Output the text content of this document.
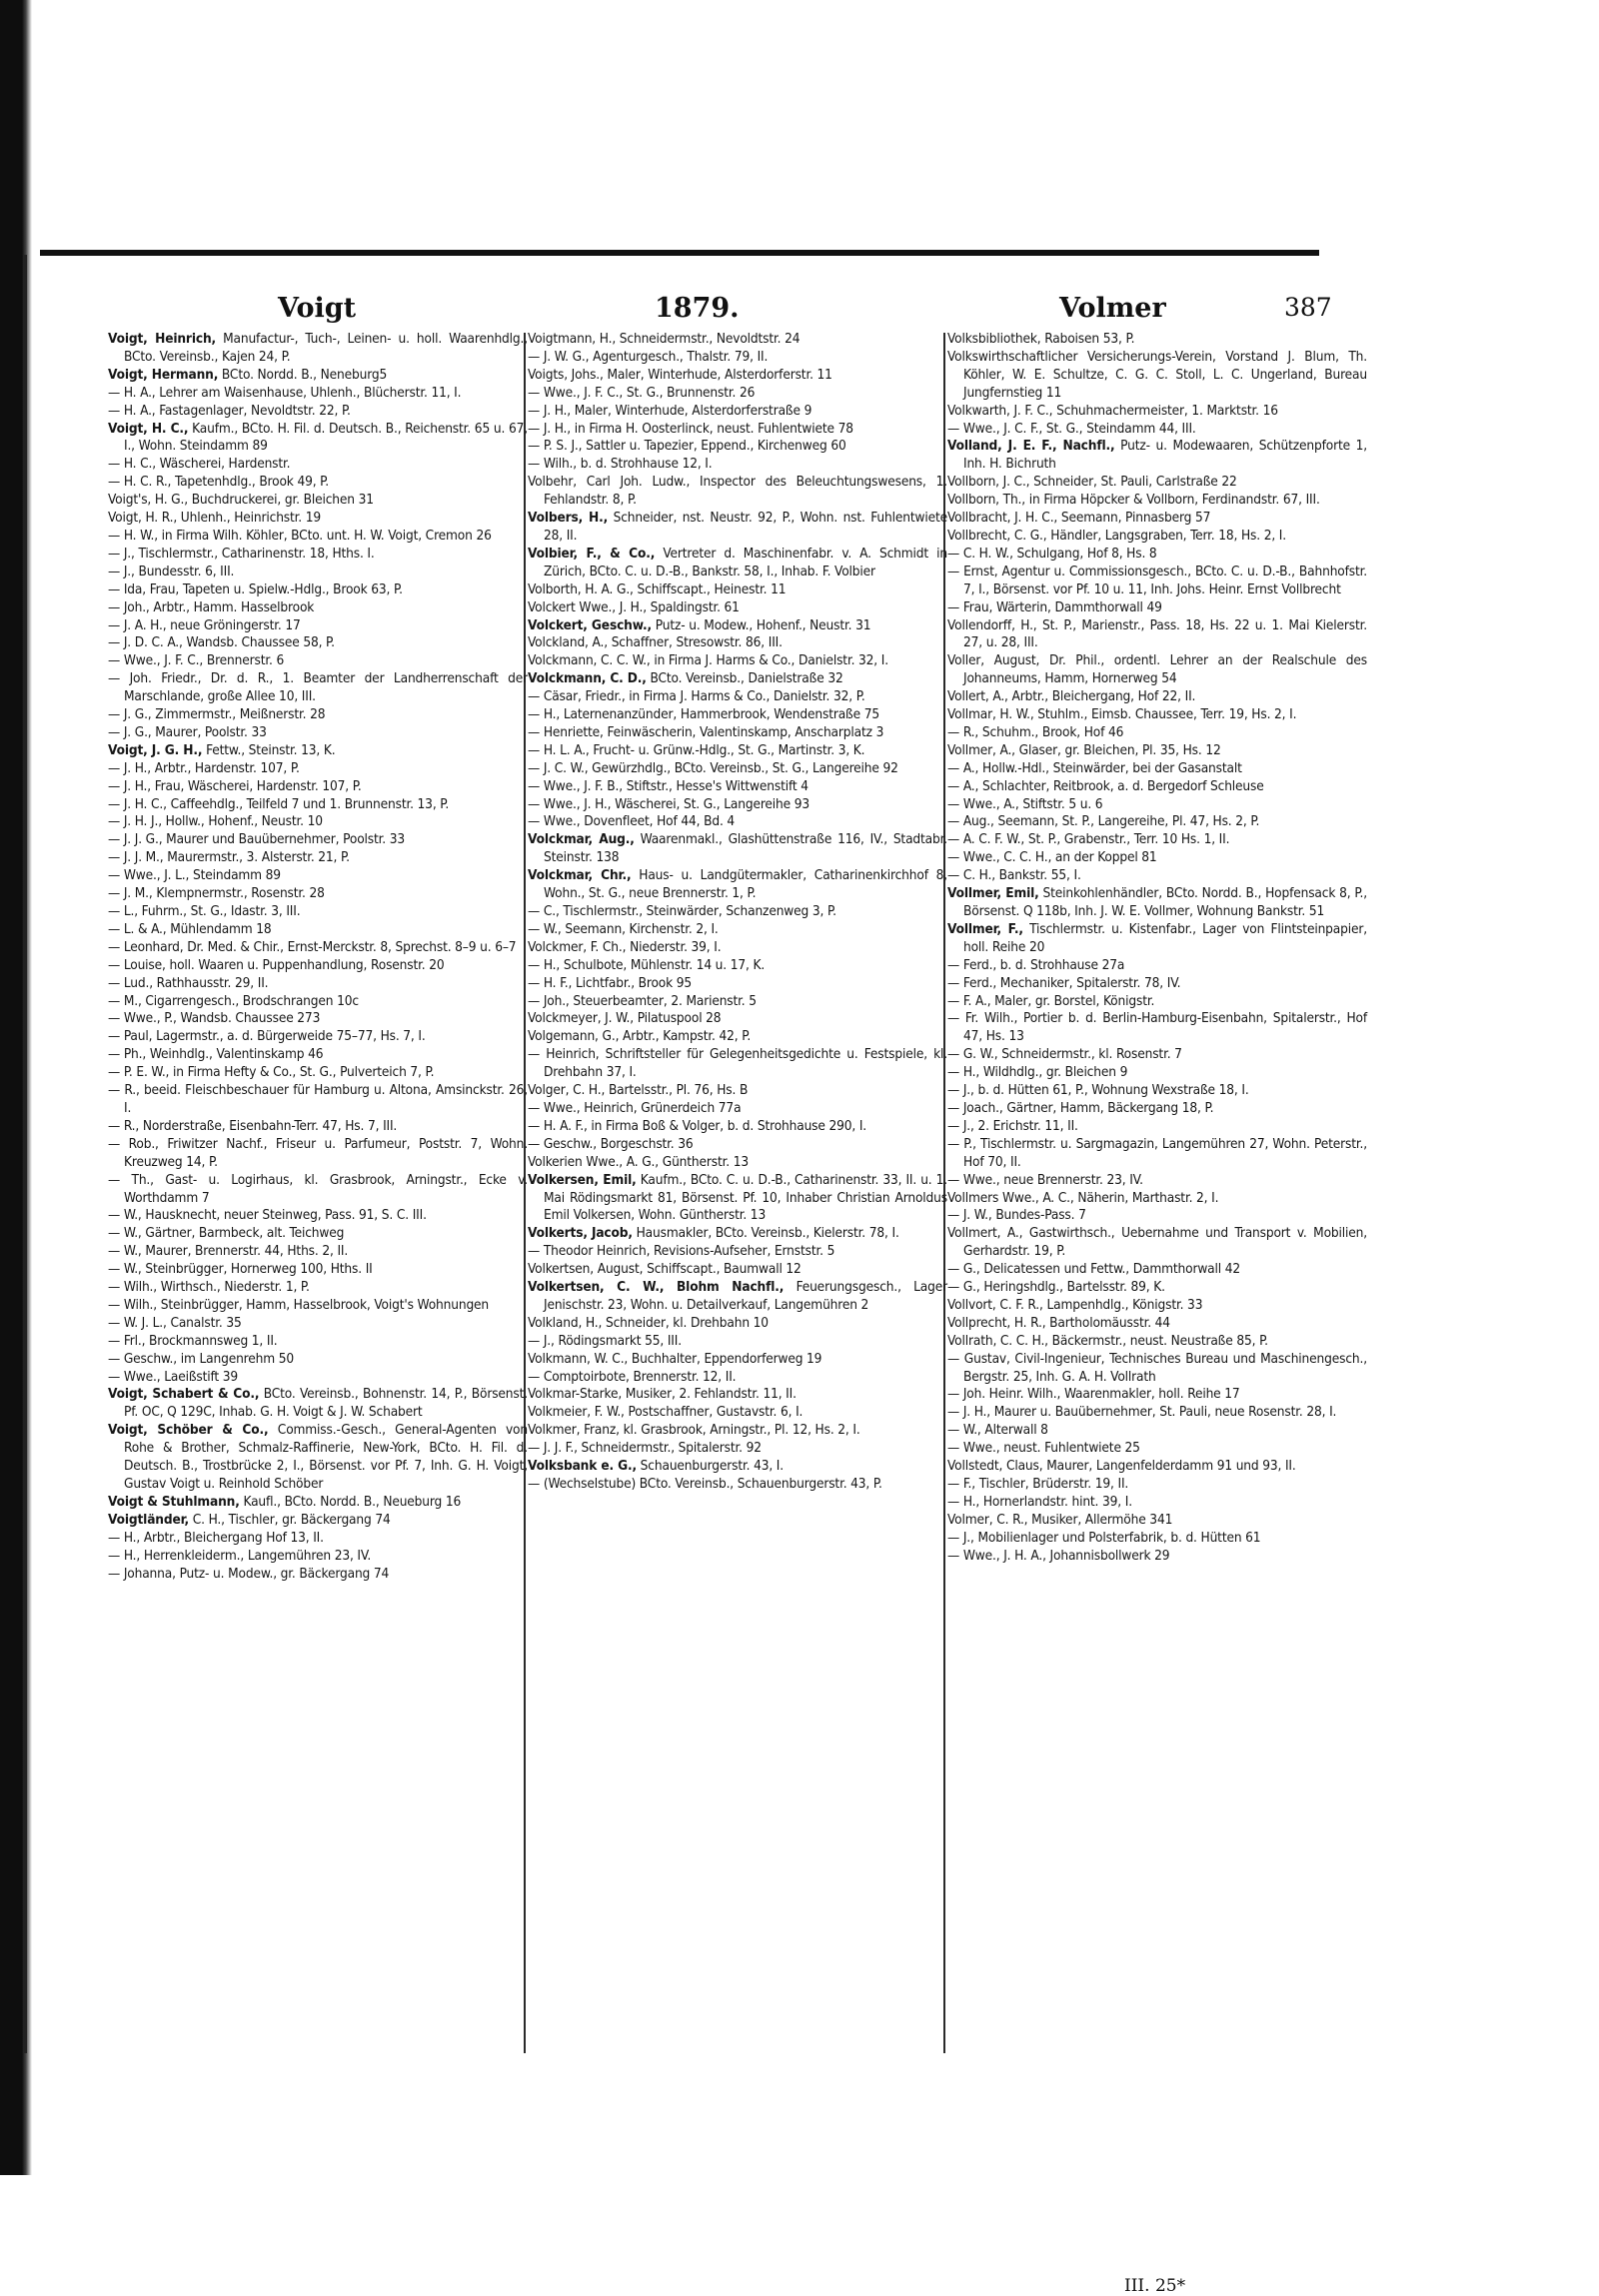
Voigt	1879.	Volmer	387

Voigt, Heinrich, Manufactur-, Tuch-, Leinen- u. holl. Waarenhdlg., BCto. Vereinsb., Kajen 24, P.

Voigt, Hermann, BCto. Nordd. B., Neneburg5

— H. A., Lehrer am Waisenhause, Uhlenh., Blücherstr. 11, I.

— H. A., Fastagenlager, Nevoldtstr. 22, P.

Voigt, H. C., Kaufm., BCto. H. Fil. d. Deutsch. B., Reichenstr. 65 u. 67, I., Wohn. Steindamm 89

— H. C., Wäscherei, Hardenstr.

— H. C. R., Tapetenhdlg., Brook 49, P.

Voigt's, H. G., Buchdruckerei, gr. Bleichen 31

Voigt, H. R., Uhlenh., Heinrichstr. 19

— H. W., in Firma Wilh. Köhler, BCto. unt. H. W. Voigt, Cremon 26

— J., Tischlermstr., Catharinenstr. 18, Hths. I.

— J., Bundesstr. 6, III.

— Ida, Frau, Tapeten u. Spielw.-Hdlg., Brook 63, P.

— Joh., Arbtr., Hamm. Hasselbrook

— J. A. H., neue Gröningerstr. 17

— J. D. C. A., Wandsb. Chaussee 58, P.

— Wwe., J. F. C., Brennerstr. 6

— Joh. Friedr., Dr. d. R., 1. Beamter der Landherrenschaft der Marschlande, große Allee 10, III.

— J. G., Zimmermstr., Meißnerstr. 28

— J. G., Maurer, Poolstr. 33

Voigt, J. G. H., Fettw., Steinstr. 13, K.

— J. H., Arbtr., Hardenstr. 107, P.

— J. H., Frau, Wäscherei, Hardenstr. 107, P.

— J. H. C., Caffeehdlg., Teilfeld 7 und 1. Brunnenstr. 13, P.

— J. H. J., Hollw., Hohenf., Neustr. 10

— J. J. G., Maurer und Bauübernehmer, Poolstr. 33

— J. J. M., Maurermstr., 3. Alsterstr. 21, P.

— Wwe., J. L., Steindamm 89

— J. M., Klempnermstr., Rosenstr. 28

— L., Fuhrm., St. G., Idastr. 3, III.

— L. & A., Mühlendamm 18

— Leonhard, Dr. Med. & Chir., Ernst-Merckstr. 8, Sprechst. 8–9 u. 6–7

— Louise, holl. Waaren u. Puppenhandlung, Rosenstr. 20

— Lud., Rathhausstr. 29, II.

— M., Cigarrengesch., Brodschrangen 10c

— Wwe., P., Wandsb. Chaussee 273

— Paul, Lagermstr., a. d. Bürgerweide 75–77, Hs. 7, I.

— Ph., Weinhdlg., Valentinskamp 46

— P. E. W., in Firma Hefty & Co., St. G., Pulverteich 7, P.

— R., beeid. Fleischbeschauer für Hamburg u. Altona, Amsinckstr. 26, I.

— R., Norderstraße, Eisenbahn-Terr. 47, Hs. 7, III.

— Rob., Friwitzer Nachf., Friseur u. Parfumeur, Poststr. 7, Wohn. Kreuzweg 14, P.

— Th., Gast- u. Logirhaus, kl. Grasbrook, Arningstr., Ecke v. Worthdamm 7

— W., Hausknecht, neuer Steinweg, Pass. 91, S. C. III.

— W., Gärtner, Barmbeck, alt. Teichweg

— W., Maurer, Brennerstr. 44, Hths. 2, II.

— W., Steinbrügger, Hornerweg 100, Hths. II

— Wilh., Wirthsch., Niederstr. 1, P.

— Wilh., Steinbrügger, Hamm, Hasselbrook, Voigt's Wohnungen

— W. J. L., Canalstr. 35

— Frl., Brockmannsweg 1, II.

— Geschw., im Langenrehm 50

— Wwe., Laeißstift 39

Voigt, Schabert & Co., BCto. Vereinsb., Bohnenstr. 14, P., Börsenst. Pf. OC, Q 129C, Inhab. G. H. Voigt & J. W. Schabert

Voigt, Schöber & Co., Commiss.-Gesch., General-Agenten von Rohe & Brother, Schmalz-Raffinerie, New-York, BCto. H. Fil. d. Deutsch. B., Trostbrücke 2, I., Börsenst. vor Pf. 7, Inh. G. H. Voigt, Gustav Voigt u. Reinhold Schöber

Voigt & Stuhlmann, Kaufl., BCto. Nordd. B., Neueburg 16

Voigtländer, C. H., Tischler, gr. Bäckergang 74

— H., Arbtr., Bleichergang Hof 13, II.

— H., Herrenkleiderm., Langemühren 23, IV.

— Johanna, Putz- u. Modew., gr. Bäckergang 74

Voigtmann, H., Schneidermstr., Nevoldtstr. 24

— J. W. G., Agenturgesch., Thalstr. 79, II.

Voigts, Johs., Maler, Winterhude, Alsterdorferstr. 11

— Wwe., J. F. C., St. G., Brunnenstr. 26

— J. H., Maler, Winterhude, Alsterdorferstraße 9

— J. H., in Firma H. Oosterlinck, neust. Fuhlentwiete 78

— P. S. J., Sattler u. Tapezier, Eppend., Kirchenweg 60

— Wilh., b. d. Strohhause 12, I.

Volbehr, Carl Joh. Ludw., Inspector des Beleuchtungswesens, 1. Fehlandstr. 8, P.

Volbers, H., Schneider, nst. Neustr. 92, P., Wohn. nst. Fuhlentwiete 28, II.

Volbier, F., & Co., Vertreter d. Maschinenfabr. v. A. Schmidt in Zürich, BCto. C. u. D.-B., Bankstr. 58, I., Inhab. F. Volbier

Volborth, H. A. G., Schiffscapt., Heinestr. 11

Volckert Wwe., J. H., Spaldingstr. 61

Volckert, Geschw., Putz- u. Modew., Hohenf., Neustr. 31

Volckland, A., Schaffner, Stresowstr. 86, III.

Volckmann, C. C. W., in Firma J. Harms & Co., Danielstr. 32, I.

Volckmann, C. D., BCto. Vereinsb., Danielstraße 32

— Cäsar, Friedr., in Firma J. Harms & Co., Danielstr. 32, P.

— H., Laternenanzünder, Hammerbrook, Wendenstraße 75

— Henriette, Feinwäscherin, Valentinskamp, Anscharplatz 3

— H. L. A., Frucht- u. Grünw.-Hdlg., St. G., Martinstr. 3, K.

— J. C. W., Gewürzhdlg., BCto. Vereinsb., St. G., Langereihe 92

— Wwe., J. F. B., Stiftstr., Hesse's Wittwenstift 4

— Wwe., J. H., Wäscherei, St. G., Langereihe 93

— Wwe., Dovenfleet, Hof 44, Bd. 4

Volckmar, Aug., Waarenmakl., Glashüttenstraße 116, IV., Stadtabr. Steinstr. 138

Volckmar, Chr., Haus- u. Landgütermakler, Catharinenkirchhof 8, Wohn., St. G., neue Brennerstr. 1, P.

— C., Tischlermstr., Steinwärder, Schanzenweg 3, P.

— W., Seemann, Kirchenstr. 2, I.

Volckmer, F. Ch., Niederstr. 39, I.

— H., Schulbote, Mühlenstr. 14 u. 17, K.

— H. F., Lichtfabr., Brook 95

— Joh., Steuerbeamter, 2. Marienstr. 5

Volckmeyer, J. W., Pilatuspool 28

Volgemann, G., Arbtr., Kampstr. 42, P.

— Heinrich, Schriftsteller für Gelegenheitsgedichte u. Festspiele, kl. Drehbahn 37, I.

Volger, C. H., Bartelsstr., Pl. 76, Hs. B

— Wwe., Heinrich, Grünerdeich 77a

— H. A. F., in Firma Boß & Volger, b. d. Strohhause 290, I.

— Geschw., Borgeschstr. 36

Volkerien Wwe., A. G., Güntherstr. 13

Volkersen, Emil, Kaufm., BCto. C. u. D.-B., Catharinenstr. 33, II. u. 1. Mai Rödingsmarkt 81, Börsenst. Pf. 10, Inhaber Christian Arnoldus Emil Volkersen, Wohn. Güntherstr. 13

Volkerts, Jacob, Hausmakler, BCto. Vereinsb., Kielerstr. 78, I.

— Theodor Heinrich, Revisions-Aufseher, Ernststr. 5

Volkertsen, August, Schiffscapt., Baumwall 12

Volkertsen, C. W., Blohm Nachfl., Feuerungsgesch., Lager Jenischstr. 23, Wohn. u. Detailverkauf, Langemühren 2

Volkland, H., Schneider, kl. Drehbahn 10

— J., Rödingsmarkt 55, III.

Volkmann, W. C., Buchhalter, Eppendorferweg 19

— Comptoirbote, Brennerstr. 12, II.

Volkmar-Starke, Musiker, 2. Fehlandstr. 11, II.

Volkmeier, F. W., Postschaffner, Gustavstr. 6, I.

Volkmer, Franz, kl. Grasbrook, Arningstr., Pl. 12, Hs. 2, I.

— J. J. F., Schneidermstr., Spitalerstr. 92

Volksbank e. G., Schauenburgerstr. 43, I.

— (Wechselstube) BCto. Vereinsb., Schauenburgerstr. 43, P.

Volksbibliothek, Raboisen 53, P.

Volkswirthschaftlicher Versicherungs-Verein, Vorstand J. Blum, Th. Köhler, W. E. Schultze, C. G. C. Stoll, L. C. Ungerland, Bureau Jungfernstieg 11

Volkwarth, J. F. C., Schuhmachermeister, 1. Marktstr. 16

— Wwe., J. C. F., St. G., Steindamm 44, III.

Volland, J. E. F., Nachfl., Putz- u. Modewaaren, Schützenpforte 1, Inh. H. Bichruth

Vollborn, J. C., Schneider, St. Pauli, Carlstraße 22

Vollborn, Th., in Firma Höpcker & Vollborn, Ferdinandstr. 67, III.

Vollbracht, J. H. C., Seemann, Pinnasberg 57

Vollbrecht, C. G., Händler, Langsgraben, Terr. 18, Hs. 2, I.

— C. H. W., Schulgang, Hof 8, Hs. 8

— Ernst, Agentur u. Commissionsgesch., BCto. C. u. D.-B., Bahnhofstr. 7, I., Börsenst. vor Pf. 10 u. 11, Inh. Johs. Heinr. Ernst Vollbrecht

— Frau, Wärterin, Dammthorwall 49

Vollendorff, H., St. P., Marienstr., Pass. 18, Hs. 22 u. 1. Mai Kielerstr. 27, u. 28, III.

Voller, August, Dr. Phil., ordentl. Lehrer an der Realschule des Johanneums, Hamm, Hornerweg 54

Vollert, A., Arbtr., Bleichergang, Hof 22, II.

Vollmar, H. W., Stuhlm., Eimsb. Chaussee, Terr. 19, Hs. 2, I.

— R., Schuhm., Brook, Hof 46

Vollmer, A., Glaser, gr. Bleichen, Pl. 35, Hs. 12

— A., Hollw.-Hdl., Steinwärder, bei der Gasanstalt

— A., Schlachter, Reitbrook, a. d. Bergedorf Schleuse

— Wwe., A., Stiftstr. 5 u. 6

— Aug., Seemann, St. P., Langereihe, Pl. 47, Hs. 2, P.

— A. C. F. W., St. P., Grabenstr., Terr. 10 Hs. 1, II.

— Wwe., C. C. H., an der Koppel 81

— C. H., Bankstr. 55, I.

Vollmer, Emil, Steinkohlenhändler, BCto. Nordd. B., Hopfensack 8, P., Börsenst. Q 118b, Inh. J. W. E. Vollmer, Wohnung Bankstr. 51

Vollmer, F., Tischlermstr. u. Kistenfabr., Lager von Flintsteinpapier, holl. Reihe 20

— Ferd., b. d. Strohhause 27a

— Ferd., Mechaniker, Spitalerstr. 78, IV.

— F. A., Maler, gr. Borstel, Königstr.

— Fr. Wilh., Portier b. d. Berlin-Hamburg-Eisenbahn, Spitalerstr., Hof 47, Hs. 13

— G. W., Schneidermstr., kl. Rosenstr. 7

— H., Wildhdlg., gr. Bleichen 9

— J., b. d. Hütten 61, P., Wohnung Wexstraße 18, I.

— Joach., Gärtner, Hamm, Bäckergang 18, P.

— J., 2. Erichstr. 11, II.

— P., Tischlermstr. u. Sargmagazin, Langemühren 27, Wohn. Peterstr., Hof 70, II.

— Wwe., neue Brennerstr. 23, IV.

Vollmers Wwe., A. C., Näherin, Marthastr. 2, I.

— J. W., Bundes-Pass. 7

Vollmert, A., Gastwirthsch., Uebernahme und Transport v. Mobilien, Gerhardstr. 19, P.

— G., Delicatessen und Fettw., Dammthorwall 42

— G., Heringshdlg., Bartelsstr. 89, K.

Vollvort, C. F. R., Lampenhdlg., Königstr. 33

Vollprecht, H. R., Bartholomäusstr. 44

Vollrath, C. C. H., Bäckermstr., neust. Neustraße 85, P.

— Gustav, Civil-Ingenieur, Technisches Bureau und Maschinengesch., Bergstr. 25, Inh. G. A. H. Vollrath

— Joh. Heinr. Wilh., Waarenmakler, holl. Reihe 17

— J. H., Maurer u. Bauübernehmer, St. Pauli, neue Rosenstr. 28, I.

— W., Alterwall 8

— Wwe., neust. Fuhlentwiete 25

Vollstedt, Claus, Maurer, Langenfelderdamm 91 und 93, II.

— F., Tischler, Brüderstr. 19, II.

— H., Hornerlandstr. hint. 39, I.

Volmer, C. R., Musiker, Allermöhe 341

— J., Mobilienlager und Polsterfabrik, b. d. Hütten 61

— Wwe., J. H. A., Johannisbollwerk 29

III. 25*
